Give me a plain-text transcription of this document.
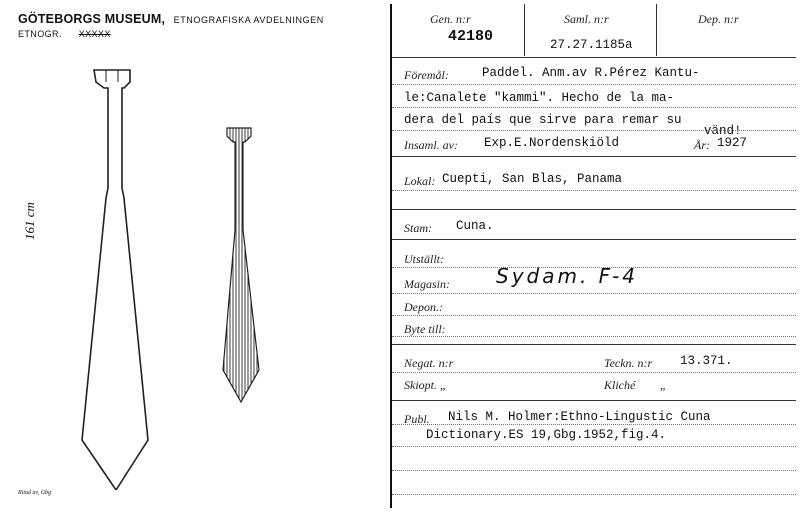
GÖTEBORGS MUSEUM, ETNOGRAFISKA AVDELNINGEN
ETNOGR. XXXXX
161 cm
Ritad av, Gbg
Gen. n:r
42180
Saml. n:r
27.27.1185a
Dep. n:r
Föremål:	Paddel. Anm.av R.Pérez Kantu-
le:Canalete "kammi". Hecho de la ma-
dera del país que sirve para remar su
vänd!
Insaml. av: Exp.E.Nordenskiöld	År: 1927
Lokal: Cuepti, San Blas, Panama
Stam: Cuna.
Utställt:
Magasin: Sydam. F-4
Depon.:
Byte till:
Negat. n:r	Teckn. n:r 13.371.
Skiopt. „	Kliché „
Publ. Nils M. Holmer:Ethno-Lingustic Cuna
Dictionary.ES 19,Gbg.1952,fig.4.
